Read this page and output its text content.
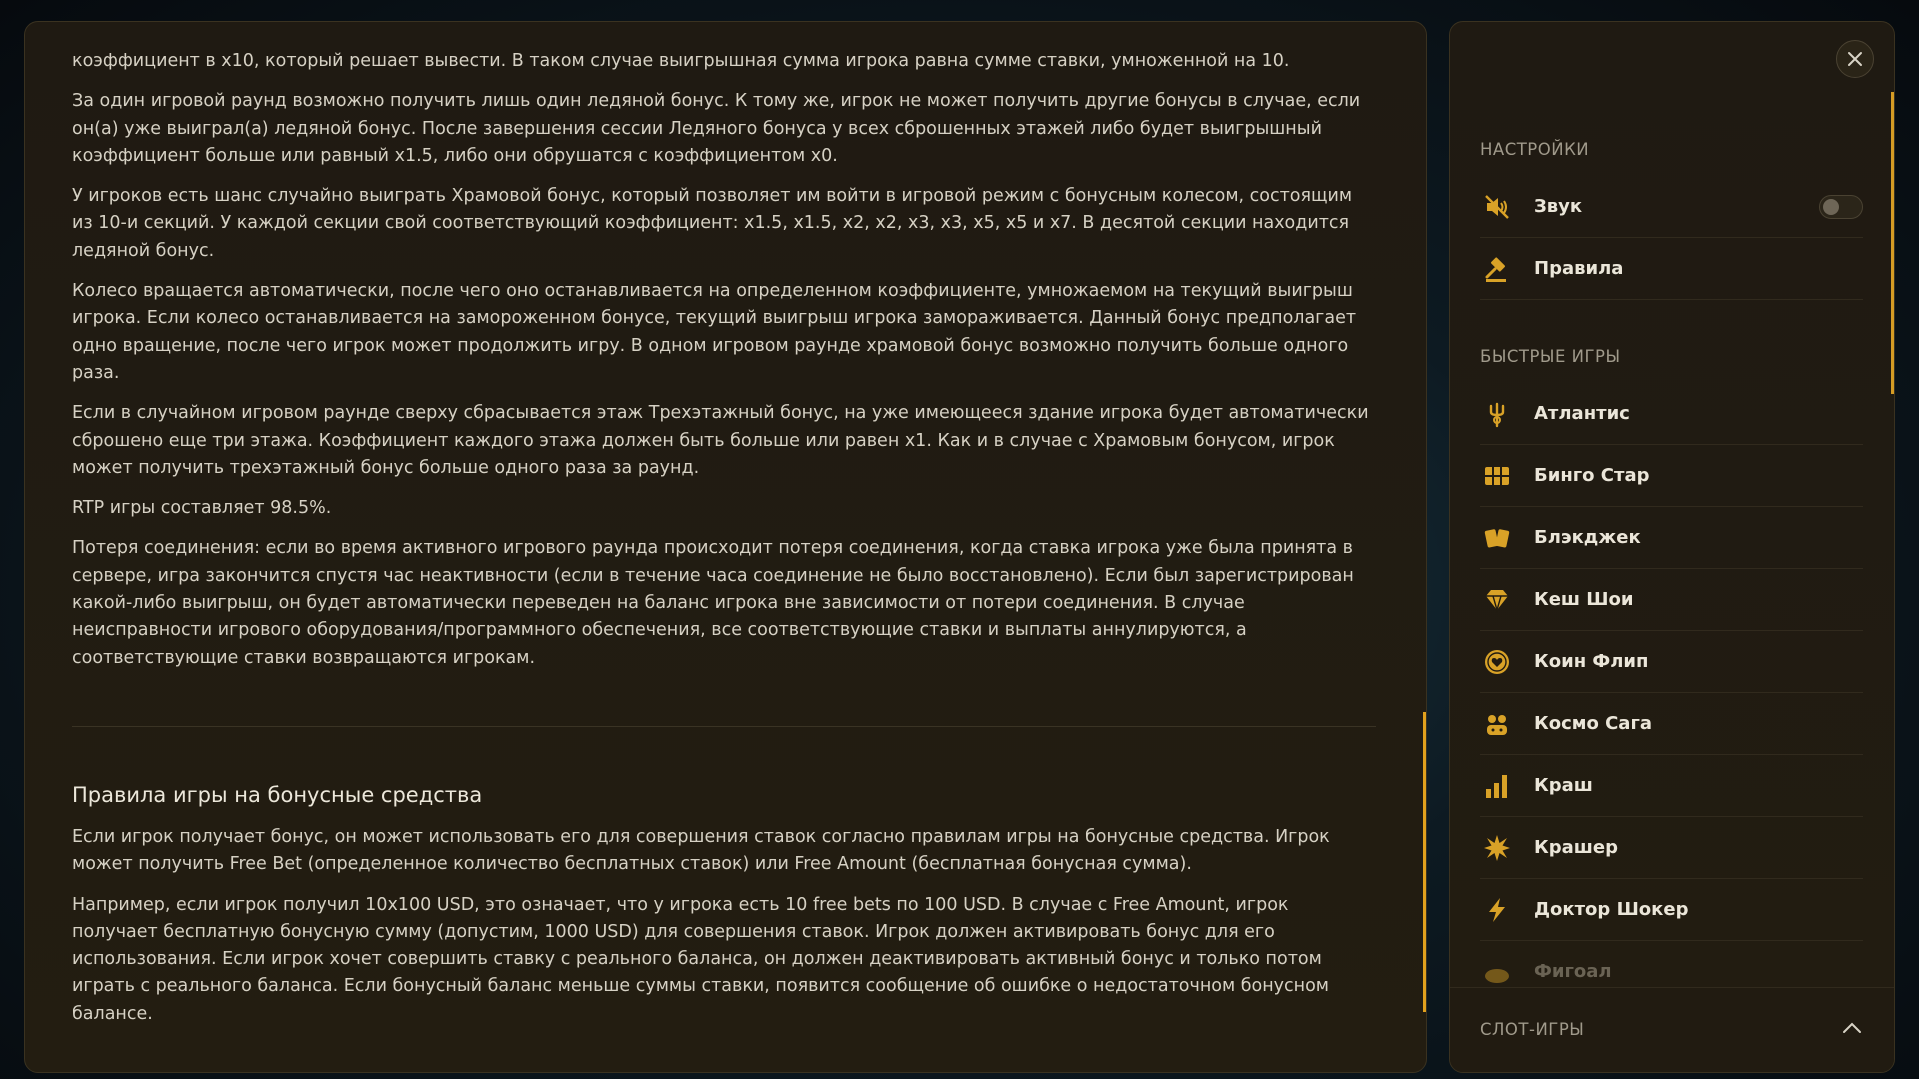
коэффициент в x10, который решает вывести. В таком случае выигрышная сумма игрока равна сумме ставки, умноженной на 10.

За один игровой раунд возможно получить лишь один ледяной бонус. К тому же, игрок не может получить другие бонусы в случае, если он(а) уже выиграл(а) ледяной бонус. После завершения сессии Ледяного бонуса у всех сброшенных этажей либо будет выигрышный коэффициент больше или равный x1.5, либо они обрушатся с коэффициентом x0.

У игроков есть шанс случайно выиграть Храмовой бонус, который позволяет им войти в игровой режим с бонусным колесом, состоящим из 10-и секций. У каждой секции свой соответствующий коэффициент: x1.5, x1.5, x2, x2, x3, x3, x5, x5 и x7. В десятой секции находится ледяной бонус.

Колесо вращается автоматически, после чего оно останавливается на определенном коэффициенте, умножаемом на текущий выигрыш игрока. Если колесо останавливается на замороженном бонусе, текущий выигрыш игрока замораживается. Данный бонус предполагает одно вращение, после чего игрок может продолжить игру. В одном игровом раунде храмовой бонус возможно получить больше одного раза.

Если в случайном игровом раунде сверху сбрасывается этаж Трехэтажный бонус, на уже имеющееся здание игрока будет автоматически сброшено еще три этажа. Коэффициент каждого этажа должен быть больше или равен x1. Как и в случае с Храмовым бонусом, игрок может получить трехэтажный бонус больше одного раза за раунд.

RTP игры составляет 98.5%.

Потеря соединения: если во время активного игрового раунда происходит потеря соединения, когда ставка игрока уже была принята в сервере, игра закончится спустя час неактивности (если в течение часа соединение не было восстановлено). Если был зарегистрирован какой-либо выигрыш, он будет автоматически переведен на баланс игрока вне зависимости от потери соединения. В случае неисправности игрового оборудования/программного обеспечения, все соответствующие ставки и выплаты аннулируются, а соответствующие ставки возвращаются игрокам.

Правила игры на бонусные средства

Если игрок получает бонус, он может использовать его для совершения ставок согласно правилам игры на бонусные средства. Игрок может получить Free Bet (определенное количество бесплатных ставок) или Free Amount (бесплатная бонусная сумма).

Например, если игрок получил 10x100 USD, это означает, что у игрока есть 10 free bets по 100 USD. В случае с Free Amount, игрок получает бесплатную бонусную сумму (допустим, 1000 USD) для совершения ставок. Игрок должен активировать бонус для его использования. Если игрок хочет совершить ставку с реального баланса, он должен деактивировать активный бонус и только потом играть с реального баланса. Если бонусный баланс меньше суммы ставки, появится сообщение об ошибке о недостаточном бонусном балансе.

НАСТРОЙКИ
Звук
Правила
БЫСТРЫЕ ИГРЫ
Атлантис
Бинго Стар
Блэкджек
Кеш Шои
Коин Флип
Космо Сага
Краш
Крашер
Доктор Шокер
Фигоал
СЛОТ-ИГРЫ
